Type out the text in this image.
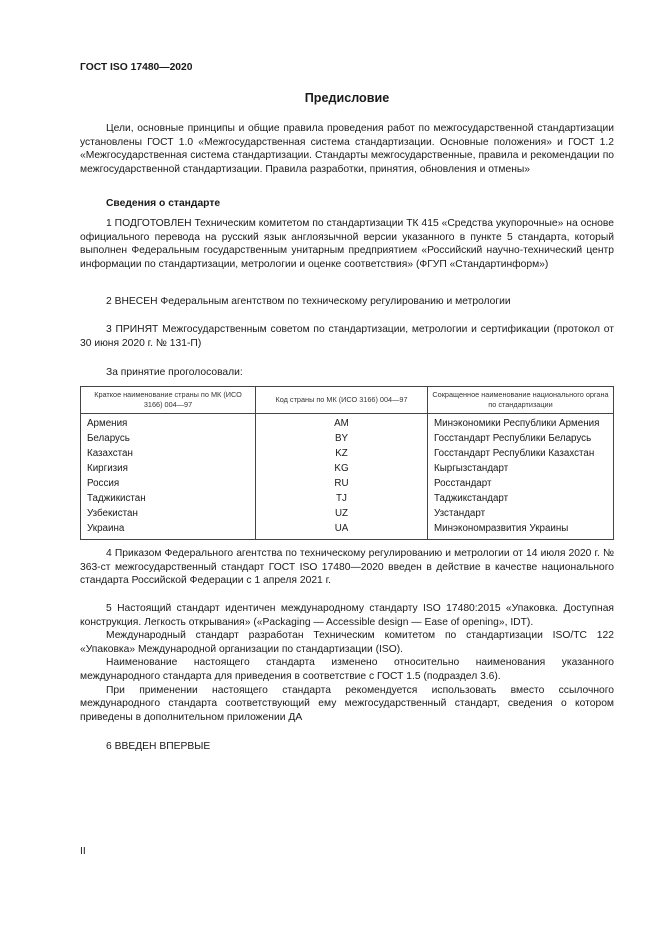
ГОСТ ISO 17480—2020
Предисловие

Цели, основные принципы и общие правила проведения работ по межгосударственной стандартизации установлены ГОСТ 1.0 «Межгосударственная система стандартизации. Основные положения» и ГОСТ 1.2 «Межгосударственная система стандартизации. Стандарты межгосударственные, правила и рекомендации по межгосударственной стандартизации. Правила разработки, принятия, обновления и отмены»

Сведения о стандарте

1 ПОДГОТОВЛЕН Техническим комитетом по стандартизации ТК 415 «Средства укупорочные» на основе официального перевода на русский язык англоязычной версии указанного в пункте 5 стандарта, который выполнен Федеральным государственным унитарным предприятием «Российский научно-технический центр информации по стандартизации, метрологии и оценке соответствия» (ФГУП «Стандартинформ»)

2 ВНЕСЕН Федеральным агентством по техническому регулированию и метрологии

3 ПРИНЯТ Межгосударственным советом по стандартизации, метрологии и сертификации (протокол от 30 июня 2020 г. № 131-П)

За принятие проголосовали:

Краткое наименование страны по МК (ИСО 3166) 004—97	Код страны по МК (ИСО 3166) 004—97	Сокращенное наименование национального органа по стандартизации
Армения	AM	Минэкономики Республики Армения
Беларусь	BY	Госстандарт Республики Беларусь
Казахстан	KZ	Госстандарт Республики Казахстан
Киргизия	KG	Кыргызстандарт
Россия	RU	Росстандарт
Таджикистан	TJ	Таджикстандарт
Узбекистан	UZ	Узстандарт
Украина	UA	Минэкономразвития Украины

4 Приказом Федерального агентства по техническому регулированию и метрологии от 14 июля 2020 г. № 363-ст межгосударственный стандарт ГОСТ ISO 17480—2020 введен в действие в качестве национального стандарта Российской Федерации с 1 апреля 2021 г.

5 Настоящий стандарт идентичен международному стандарту ISO 17480:2015 «Упаковка. Доступная конструкция. Легкость открывания» («Packaging — Accessible design — Ease of opening», IDT).

Международный стандарт разработан Техническим комитетом по стандартизации ISO/TC 122 «Упаковка» Международной организации по стандартизации (ISO).

Наименование настоящего стандарта изменено относительно наименования указанного международного стандарта для приведения в соответствие с ГОСТ 1.5 (подраздел 3.6).

При применении настоящего стандарта рекомендуется использовать вместо ссылочного международного стандарта соответствующий ему межгосударственный стандарт, сведения о котором приведены в дополнительном приложении ДА

6 ВВЕДЕН ВПЕРВЫЕ

II
